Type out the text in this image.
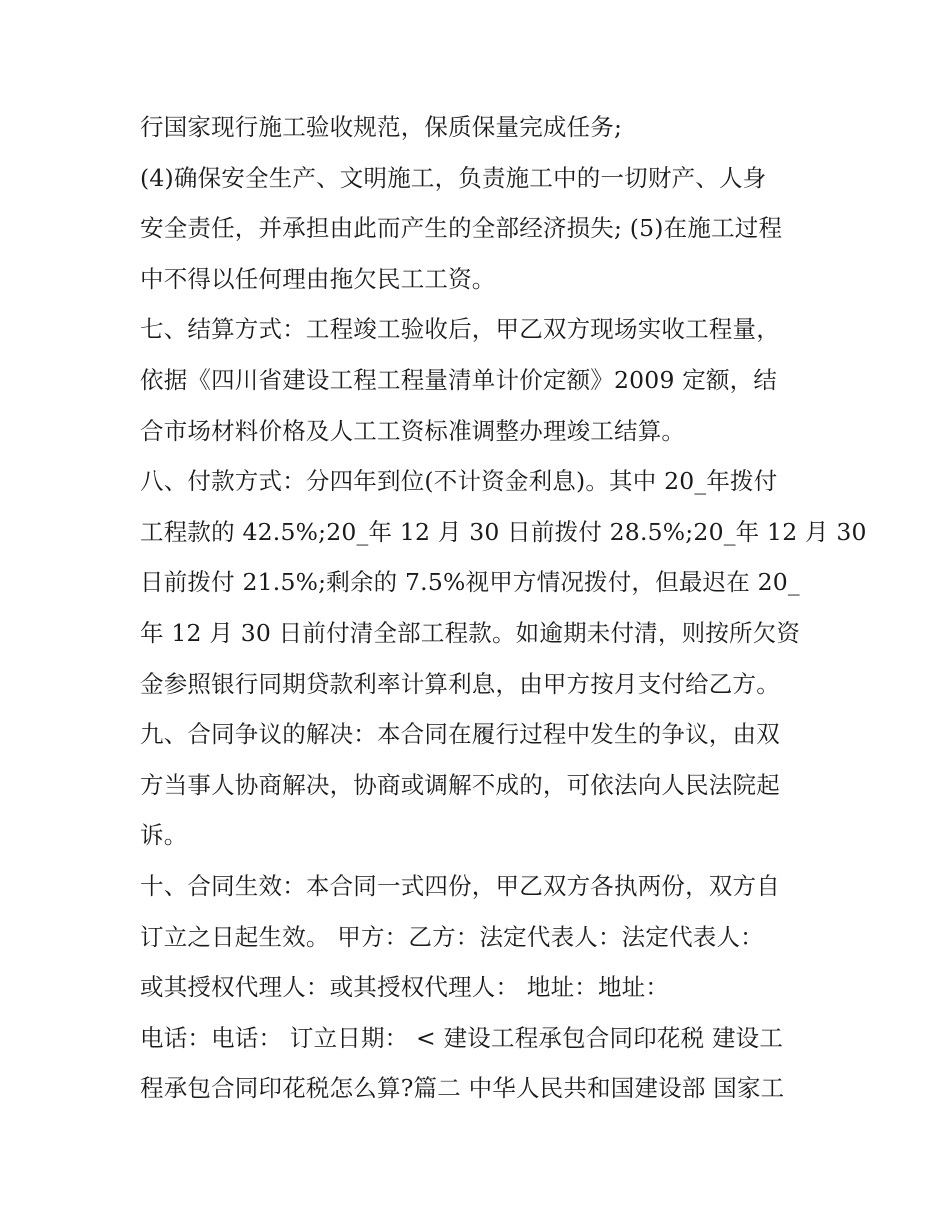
行国家现行施工验收规范，保质保量完成任务;
(4)确保安全生产、文明施工，负责施工中的一切财产、人身
安全责任，并承担由此而产生的全部经济损失; (5)在施工过程
中不得以任何理由拖欠民工工资。
七、结算方式：工程竣工验收后，甲乙双方现场实收工程量，
依据《四川省建设工程工程量清单计价定额》2009 定额，结
合市场材料价格及人工工资标准调整办理竣工结算。
八、付款方式：分四年到位(不计资金利息)。其中 20_年拨付
工程款的 42.5%;20_年 12 月 30 日前拨付 28.5%;20_年 12 月 30
日前拨付 21.5%;剩余的 7.5%视甲方情况拨付，但最迟在 20_
年 12 月 30 日前付清全部工程款。如逾期未付清，则按所欠资
金参照银行同期贷款利率计算利息，由甲方按月支付给乙方。
九、合同争议的解决：本合同在履行过程中发生的争议，由双
方当事人协商解决，协商或调解不成的，可依法向人民法院起
诉。
十、合同生效：本合同一式四份，甲乙双方各执两份，双方自
订立之日起生效。 甲方：乙方：法定代表人：法定代表人：
或其授权代理人：或其授权代理人： 地址：地址：
电话：电话： 订立日期： < 建设工程承包合同印花税 建设工
程承包合同印花税怎么算?篇二 中华人民共和国建设部 国家工
